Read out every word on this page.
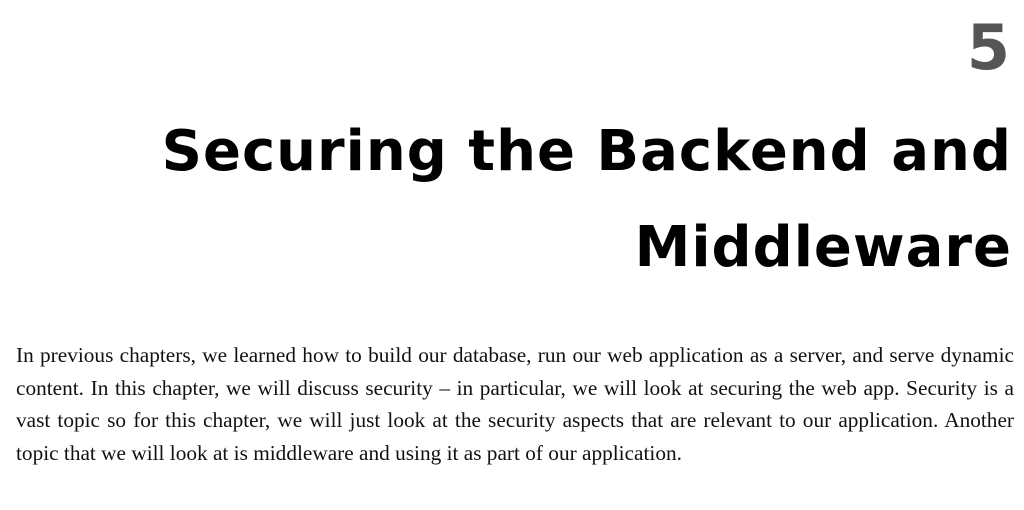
5
Securing the Backend and Middleware

In previous chapters, we learned how to build our database, run our web application as a server, and serve dynamic content. In this chapter, we will discuss security – in particular, we will look at securing the web app. Security is a vast topic so for this chapter, we will just look at the security aspects that are relevant to our application. Another topic that we will look at is middleware and using it as part of our application.
